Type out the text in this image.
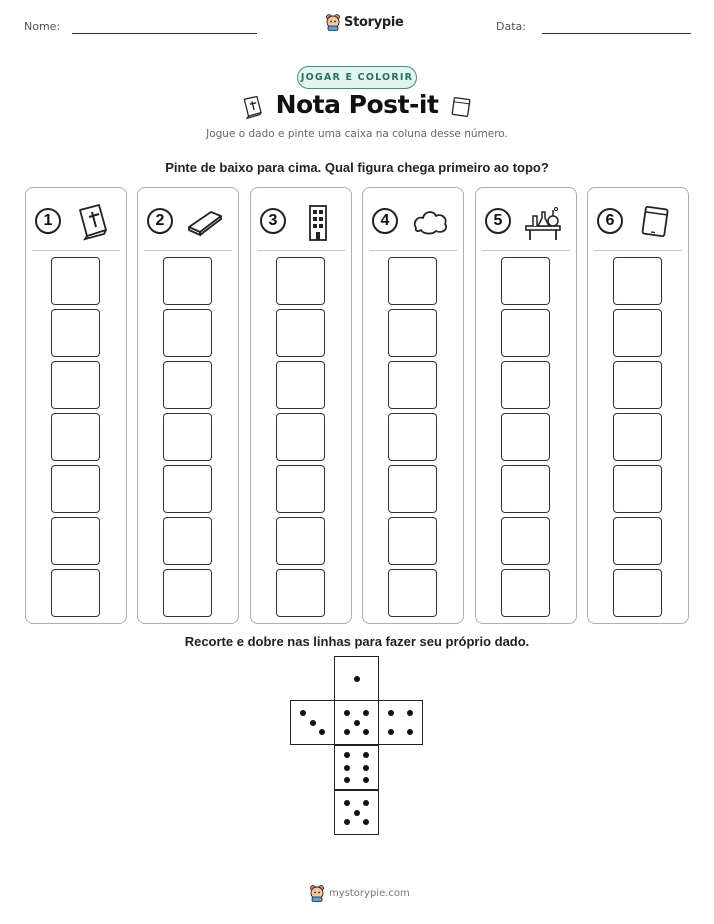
Nome:	Storypie	Data:
JOGAR E COLORIR
Nota Post-it
Jogue o dado e pinte uma caixa na coluna desse número.
Pinte de baixo para cima. Qual figura chega primeiro ao topo?
1	2	3	4	5	6
Recorte e dobre nas linhas para fazer seu próprio dado.
mystorypie.com
